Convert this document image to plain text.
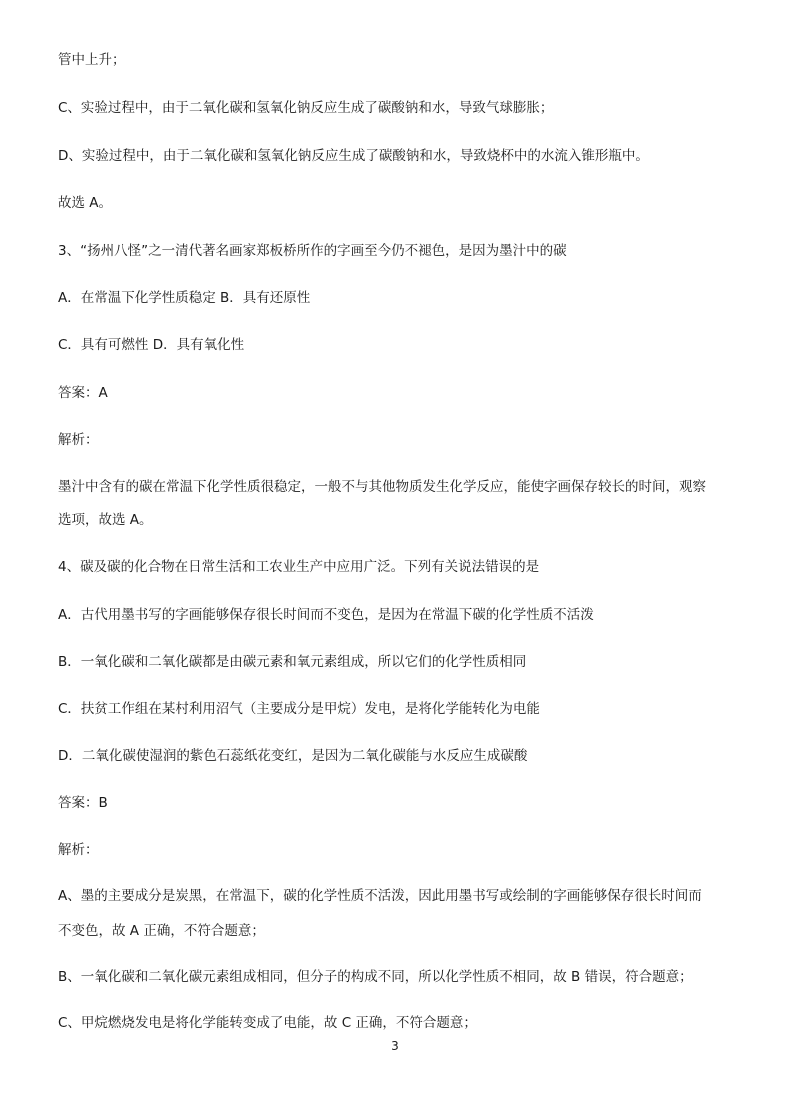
管中上升；
C、实验过程中，由于二氧化碳和氢氧化钠反应生成了碳酸钠和水，导致气球膨胀；
D、实验过程中，由于二氧化碳和氢氧化钠反应生成了碳酸钠和水，导致烧杯中的水流入锥形瓶中。
故选 A。
3、“扬州八怪”之一清代著名画家郑板桥所作的字画至今仍不褪色，是因为墨汁中的碳
A．在常温下化学性质稳定 B．具有还原性
C．具有可燃性 D．具有氧化性
答案：A
解析：
墨汁中含有的碳在常温下化学性质很稳定，一般不与其他物质发生化学反应，能使字画保存较长的时间，观察
选项，故选 A。
4、碳及碳的化合物在日常生活和工农业生产中应用广泛。下列有关说法错误的是
A．古代用墨书写的字画能够保存很长时间而不变色，是因为在常温下碳的化学性质不活泼
B．一氧化碳和二氧化碳都是由碳元素和氧元素组成，所以它们的化学性质相同
C．扶贫工作组在某村利用沼气（主要成分是甲烷）发电，是将化学能转化为电能
D．二氧化碳使湿润的紫色石蕊纸花变红，是因为二氧化碳能与水反应生成碳酸
答案：B
解析：
A、墨的主要成分是炭黑，在常温下，碳的化学性质不活泼，因此用墨书写或绘制的字画能够保存很长时间而
不变色，故 A 正确，不符合题意；
B、一氧化碳和二氧化碳元素组成相同，但分子的构成不同，所以化学性质不相同，故 B 错误，符合题意；
C、甲烷燃烧发电是将化学能转变成了电能，故 C 正确，不符合题意；
3
